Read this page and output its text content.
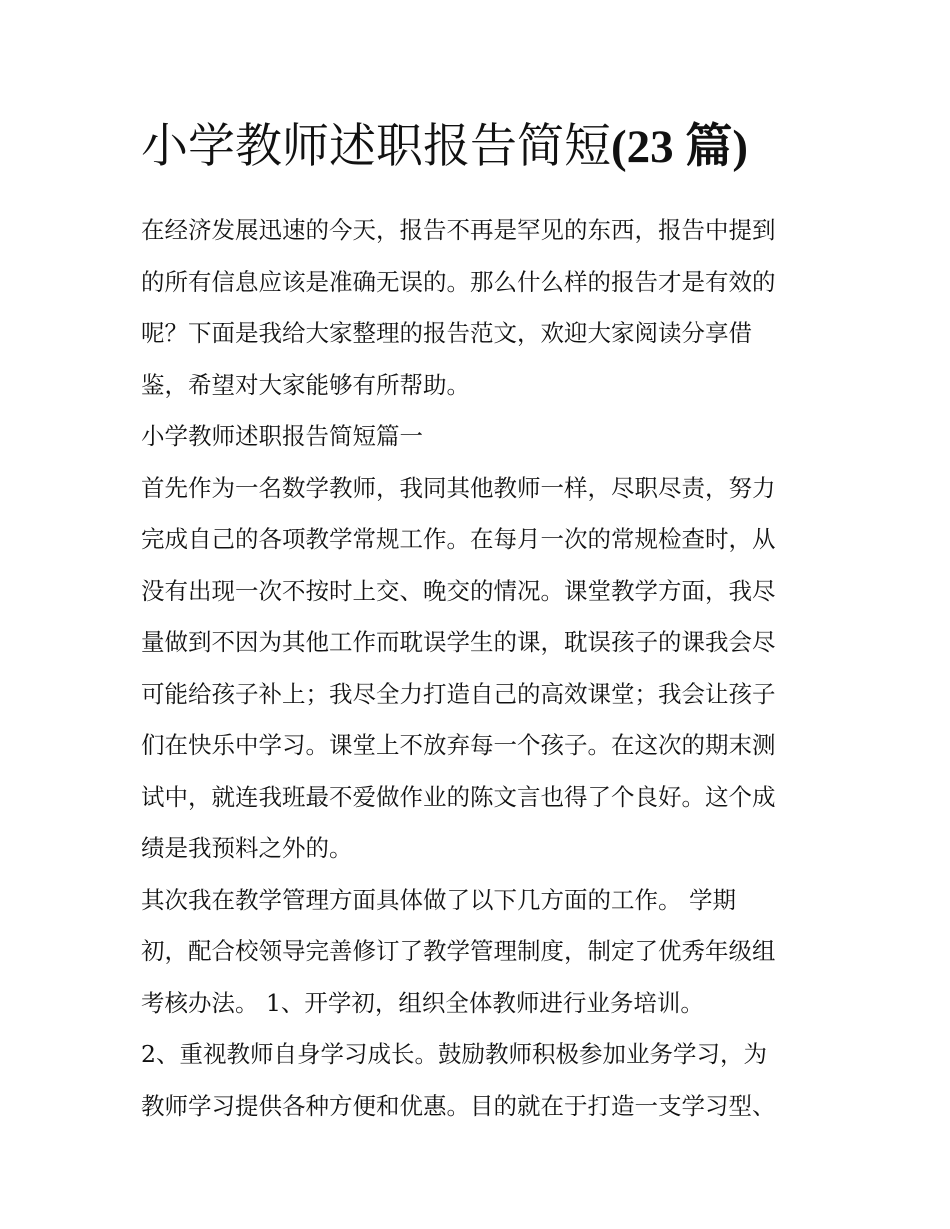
小学教师述职报告简短(23 篇)

在经济发展迅速的今天，报告不再是罕见的东西，报告中提到
的所有信息应该是准确无误的。那么什么样的报告才是有效的
呢？下面是我给大家整理的报告范文，欢迎大家阅读分享借
鉴，希望对大家能够有所帮助。

小学教师述职报告简短篇一

首先作为一名数学教师，我同其他教师一样，尽职尽责，努力
完成自己的各项教学常规工作。在每月一次的常规检查时，从
没有出现一次不按时上交、晚交的情况。课堂教学方面，我尽
量做到不因为其他工作而耽误学生的课，耽误孩子的课我会尽
可能给孩子补上；我尽全力打造自己的高效课堂；我会让孩子
们在快乐中学习。课堂上不放弃每一个孩子。在这次的期末测
试中，就连我班最不爱做作业的陈文言也得了个良好。这个成
绩是我预料之外的。

其次我在教学管理方面具体做了以下几方面的工作。 学期
初，配合校领导完善修订了教学管理制度，制定了优秀年级组
考核办法。 1、开学初，组织全体教师进行业务培训。

2、重视教师自身学习成长。鼓励教师积极参加业务学习，为
教师学习提供各种方便和优惠。目的就在于打造一支学习型、
